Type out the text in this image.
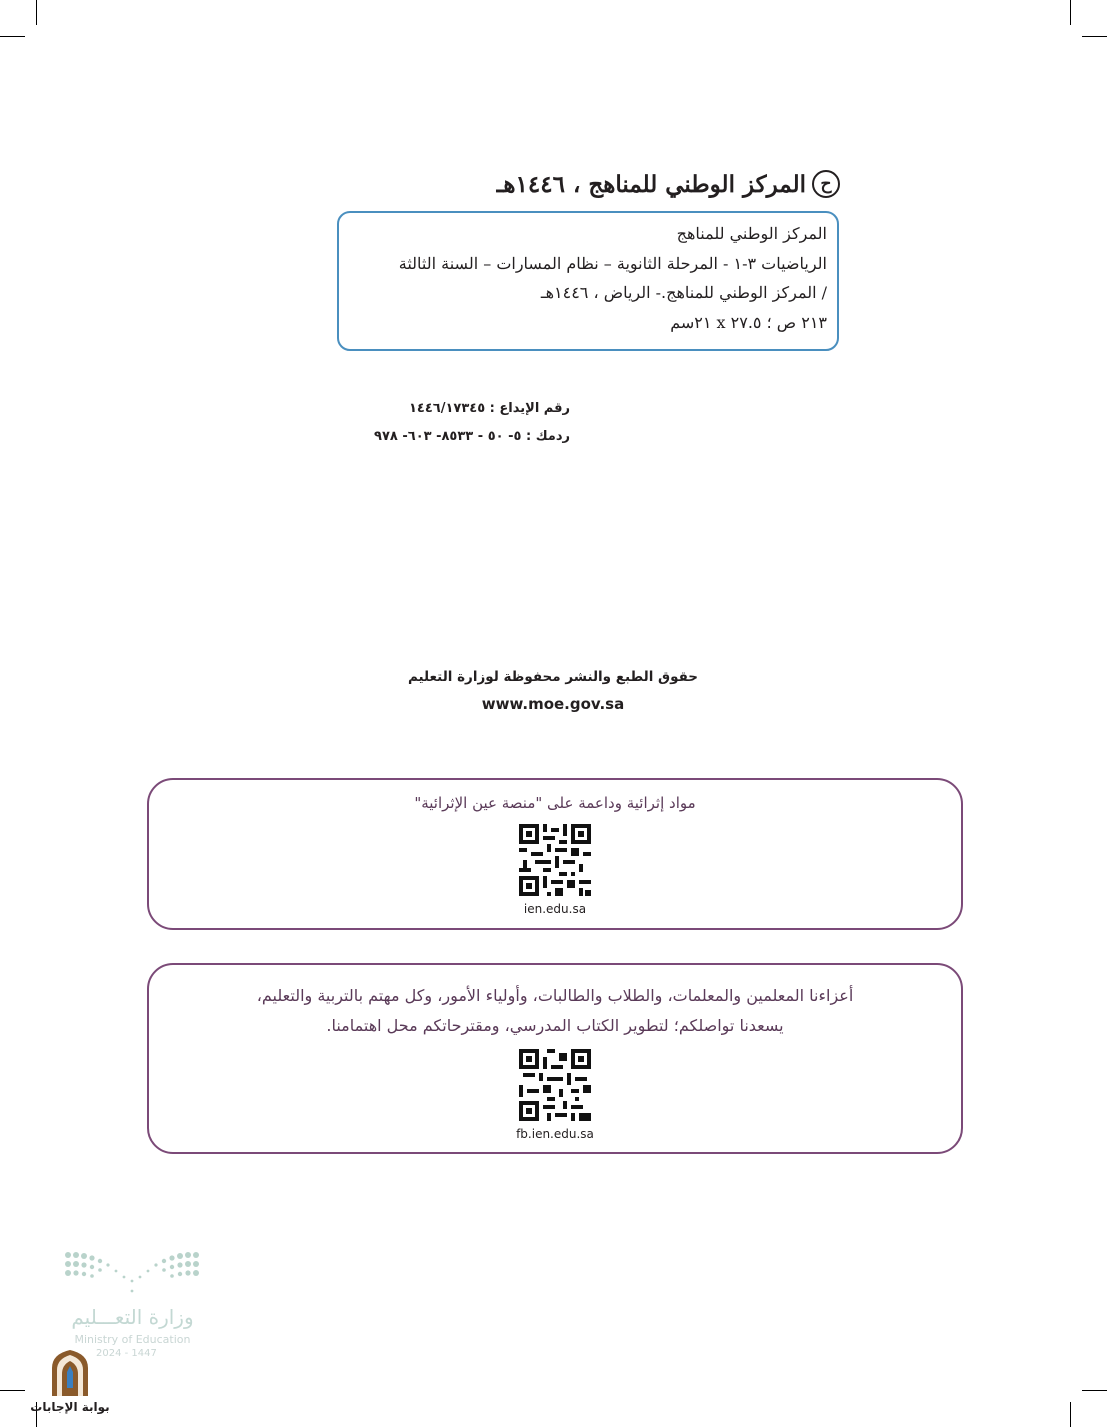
ح
المركز الوطني للمناهج ، ١٤٤٦هـ
المركز الوطني للمناهج
الرياضيات ٣-١ - المرحلة الثانوية – نظام المسارات – السنة الثالثة
/ المركز الوطني للمناهج.- الرياض ، ١٤٤٦هـ
٢١٣ ص ؛ ٢٧.٥ x ٢١سم
رقم الإيداع : ١٤٤٦/١٧٣٤٥
ردمك : ٥- ٥٠ - ٨٥٣٣- ٦٠٣- ٩٧٨
حقوق الطبع والنشر محفوظة لوزارة التعليم
www.moe.gov.sa
مواد إثرائية وداعمة على "منصة عين الإثرائية"
ien.edu.sa
أعزاءنا المعلمين والمعلمات، والطلاب والطالبات، وأولياء الأمور، وكل مهتم بالتربية والتعليم،
يسعدنا تواصلكم؛ لتطوير الكتاب المدرسي، ومقترحاتكم محل اهتمامنا.
fb.ien.edu.sa
وزارة التعـــليم
Ministry of Education
2024 - 1447
بوابة الإجابات
